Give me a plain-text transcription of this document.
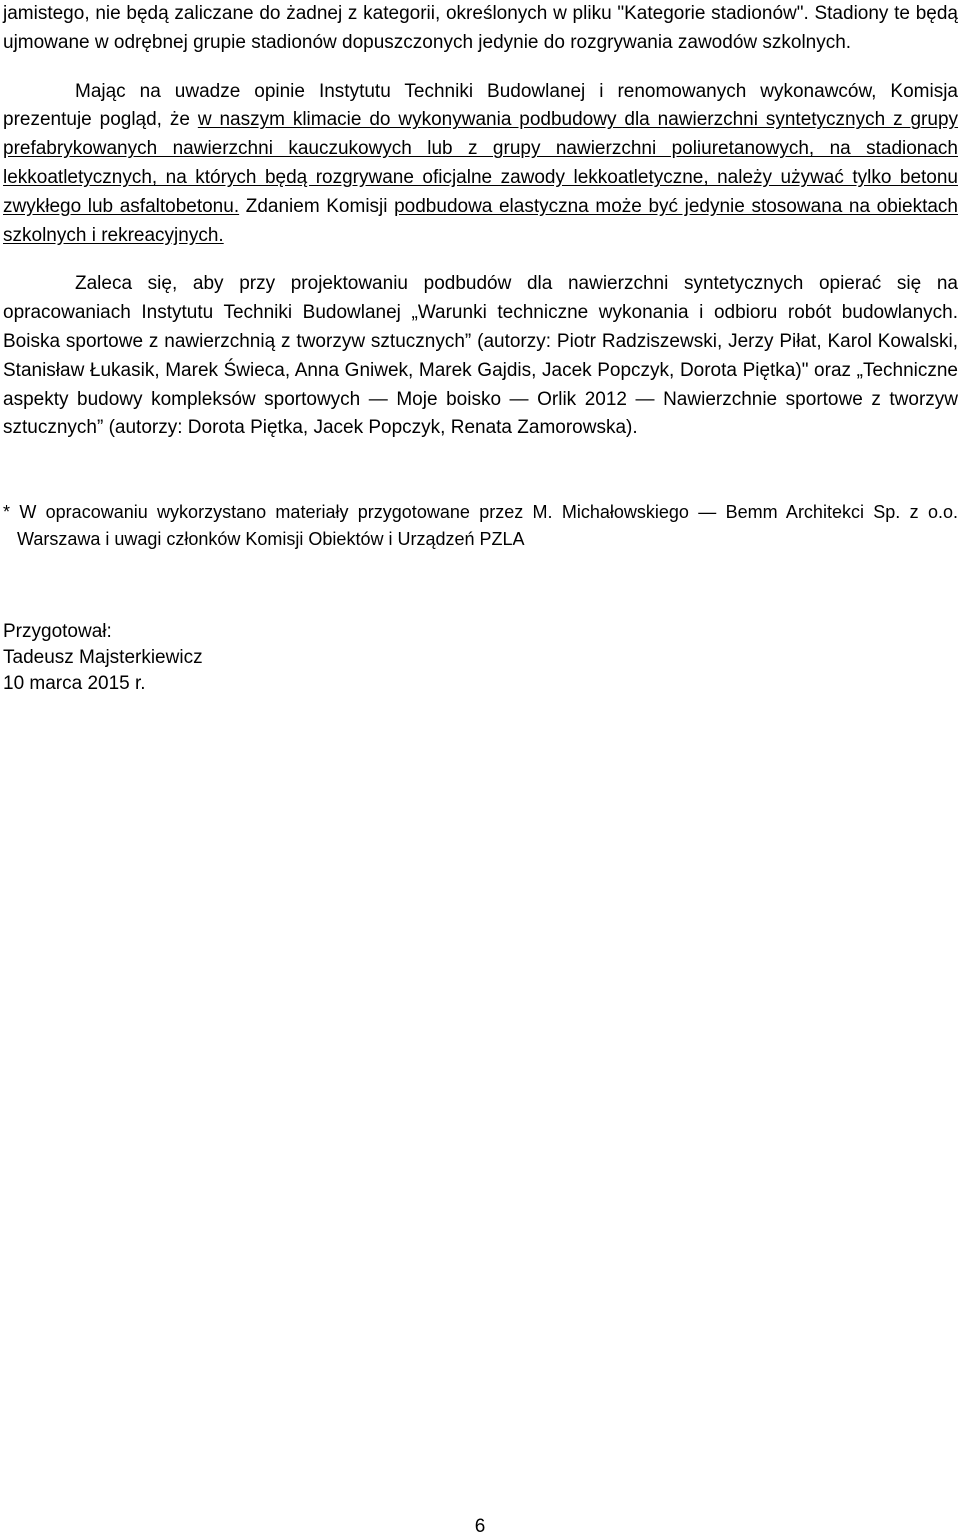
jamistego, nie będą zaliczane do żadnej z kategorii, określonych w pliku "Kategorie stadionów". Stadiony te będą ujmowane w odrębnej grupie stadionów dopuszczonych jedynie do rozgrywania zawodów szkolnych.

Mając na uwadze opinie Instytutu Techniki Budowlanej i renomowanych wykonawców, Komisja prezentuje pogląd, że w naszym klimacie do wykonywania podbudowy dla nawierzchni syntetycznych z grupy prefabrykowanych nawierzchni kauczukowych lub z grupy nawierzchni poliuretanowych, na stadionach lekkoatletycznych, na których będą rozgrywane oficjalne zawody lekkoatletyczne, należy używać tylko betonu zwykłego lub asfaltobetonu. Zdaniem Komisji podbudowa elastyczna może być jedynie stosowana na obiektach szkolnych i rekreacyjnych.

Zaleca się, aby przy projektowaniu podbudów dla nawierzchni syntetycznych opierać się na opracowaniach Instytutu Techniki Budowlanej „Warunki techniczne wykonania i odbioru robót budowlanych. Boiska sportowe z nawierzchnią z tworzyw sztucznych” (autorzy: Piotr Radziszewski, Jerzy Piłat, Karol Kowalski, Stanisław Łukasik, Marek Świeca, Anna Gniwek, Marek Gajdis, Jacek Popczyk, Dorota Piętka)" oraz „Techniczne aspekty budowy kompleksów sportowych ― Moje boisko ― Orlik 2012 ― Nawierzchnie sportowe z tworzyw sztucznych” (autorzy: Dorota Piętka, Jacek Popczyk, Renata Zamorowska).

* W opracowaniu wykorzystano materiały przygotowane przez M. Michałowskiego ― Bemm Architekci Sp. z o.o. Warszawa i uwagi członków Komisji Obiektów i Urządzeń PZLA

Przygotował:

Tadeusz Majsterkiewicz

10 marca 2015 r.

6
